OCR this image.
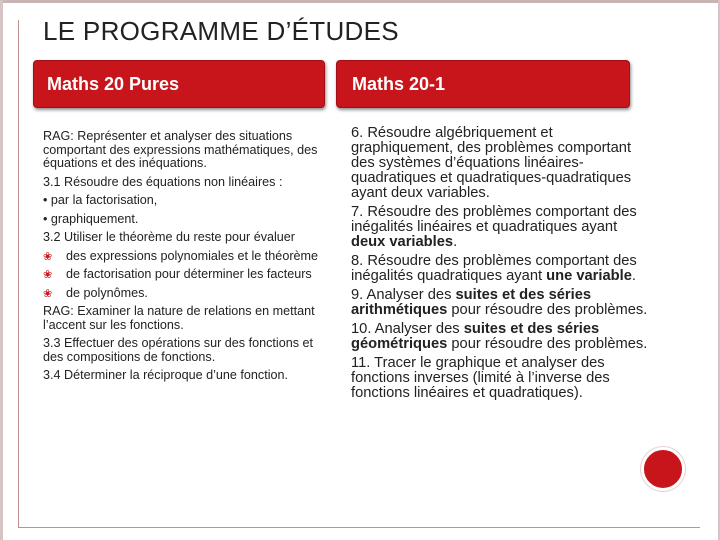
LE PROGRAMME D’ÉTUDES
Maths 20 Pures	Maths 20-1
RAG: Représenter et analyser des situations comportant des expressions mathématiques, des équations et des inéquations.
3.1 Résoudre des équations non linéaires :
• par la factorisation,
• graphiquement.
3.2 Utiliser le théorème du reste pour évaluer
❀ des expressions polynomiales et le théorème
❀ de factorisation pour déterminer les facteurs
❀ de polynômes.
RAG: Examiner la nature de relations en mettant l’accent sur les fonctions.
3.3 Effectuer des opérations sur des fonctions et des compositions de fonctions.
3.4 Déterminer la réciproque d’une fonction.
6. Résoudre algébriquement et graphiquement, des problèmes comportant des systèmes d’équations linéaires-quadratiques et quadratiques-quadratiques ayant deux variables.
7. Résoudre des problèmes comportant des inégalités linéaires et quadratiques ayant deux variables.
8. Résoudre des problèmes comportant des inégalités quadratiques ayant une variable.
9. Analyser des suites et des séries arithmétiques pour résoudre des problèmes.
10. Analyser des suites et des séries géométriques pour résoudre des problèmes.
11. Tracer le graphique et analyser des fonctions inverses (limité à l’inverse des fonctions linéaires et quadratiques).
